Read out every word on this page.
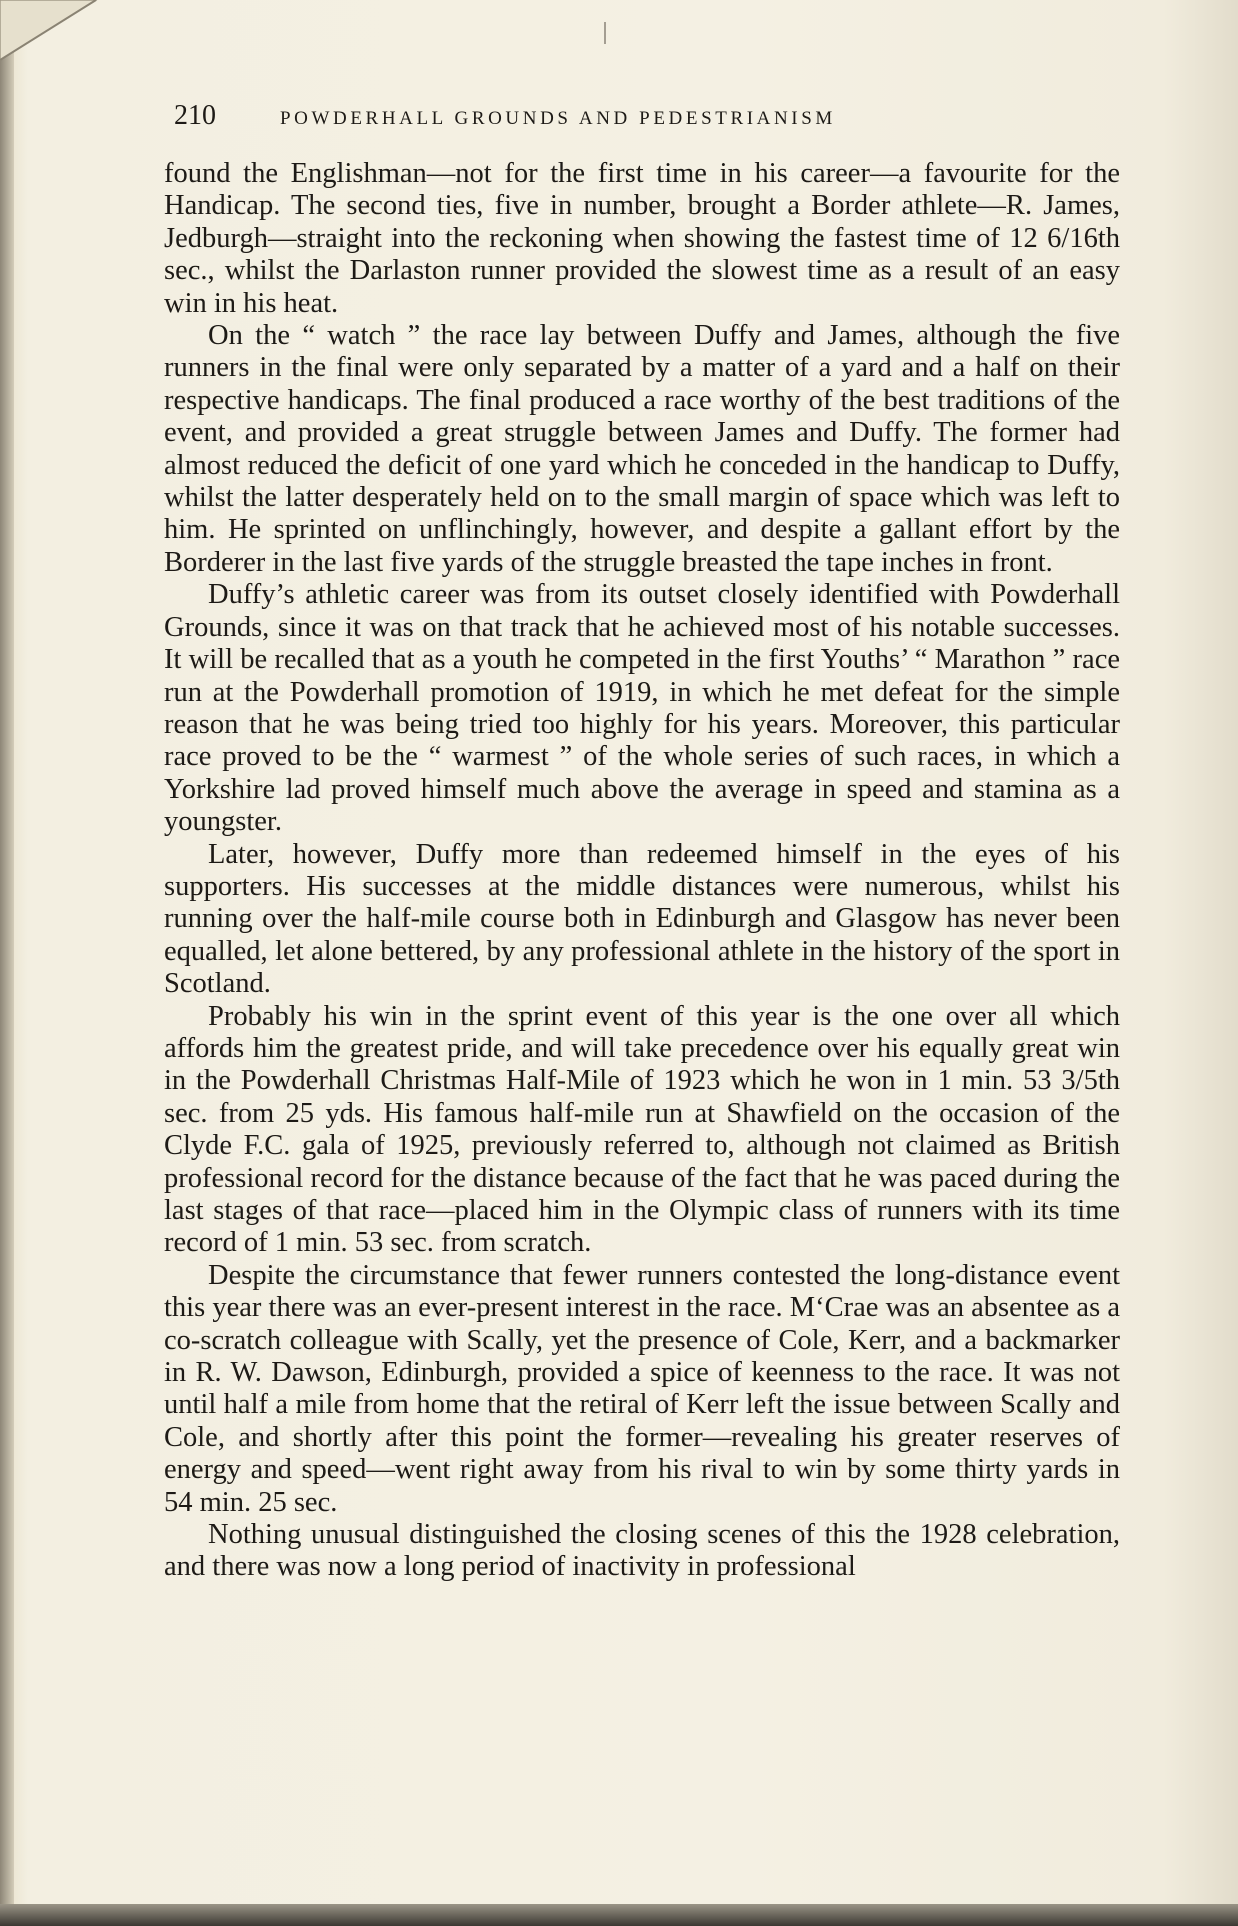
210	POWDERHALL GROUNDS AND PEDESTRIANISM

found the Englishman—not for the first time in his career—a favourite for the Handicap. The second ties, five in number, brought a Border athlete—R. James, Jedburgh—straight into the reckoning when showing the fastest time of 12 6/16th sec., whilst the Darlaston runner provided the slowest time as a result of an easy win in his heat.

On the “ watch ” the race lay between Duffy and James, although the five runners in the final were only separated by a matter of a yard and a half on their respective handicaps. The final produced a race worthy of the best traditions of the event, and provided a great struggle between James and Duffy. The former had almost reduced the deficit of one yard which he conceded in the handicap to Duffy, whilst the latter desperately held on to the small margin of space which was left to him. He sprinted on unflinchingly, however, and despite a gallant effort by the Borderer in the last five yards of the struggle breasted the tape inches in front.

Duffy’s athletic career was from its outset closely identified with Powderhall Grounds, since it was on that track that he achieved most of his notable successes. It will be recalled that as a youth he competed in the first Youths’ “ Marathon ” race run at the Powderhall promotion of 1919, in which he met defeat for the simple reason that he was being tried too highly for his years. Moreover, this particular race proved to be the “ warmest ” of the whole series of such races, in which a Yorkshire lad proved himself much above the average in speed and stamina as a youngster.

Later, however, Duffy more than redeemed himself in the eyes of his supporters. His successes at the middle distances were numerous, whilst his running over the half-mile course both in Edinburgh and Glasgow has never been equalled, let alone bettered, by any professional athlete in the history of the sport in Scotland.

Probably his win in the sprint event of this year is the one over all which affords him the greatest pride, and will take precedence over his equally great win in the Powderhall Christmas Half-Mile of 1923 which he won in 1 min. 53 3/5th sec. from 25 yds. His famous half-mile run at Shawfield on the occasion of the Clyde F.C. gala of 1925, previously referred to, although not claimed as British professional record for the distance because of the fact that he was paced during the last stages of that race—placed him in the Olympic class of runners with its time record of 1 min. 53 sec. from scratch.

Despite the circumstance that fewer runners contested the long-distance event this year there was an ever-present interest in the race. M‘Crae was an absentee as a co-scratch colleague with Scally, yet the presence of Cole, Kerr, and a backmarker in R. W. Dawson, Edinburgh, provided a spice of keenness to the race. It was not until half a mile from home that the retiral of Kerr left the issue between Scally and Cole, and shortly after this point the former—revealing his greater reserves of energy and speed—went right away from his rival to win by some thirty yards in 54 min. 25 sec.

Nothing unusual distinguished the closing scenes of this the 1928 celebration, and there was now a long period of inactivity in professional
